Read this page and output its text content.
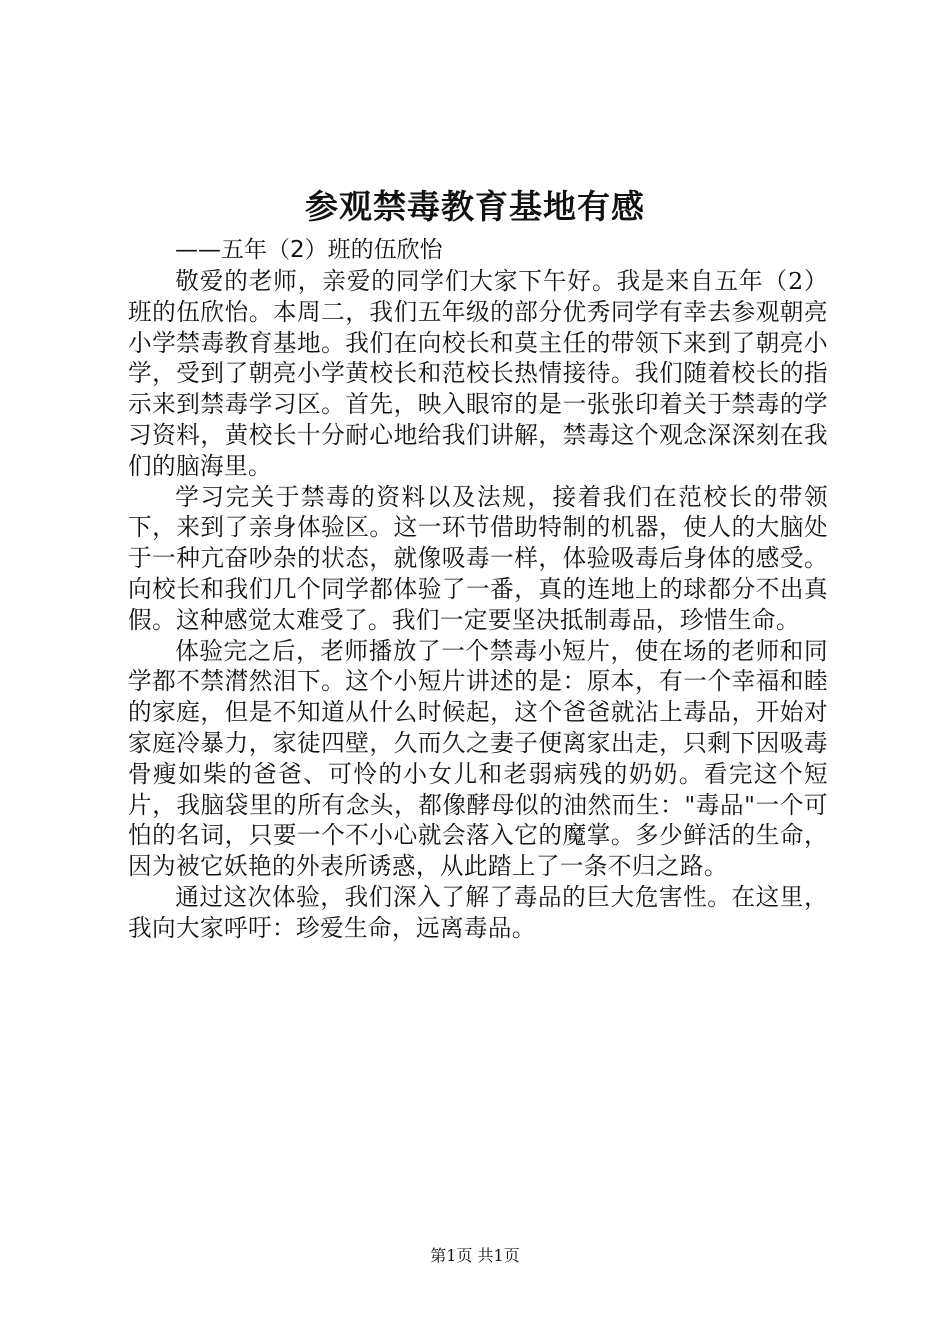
参观禁毒教育基地有感
——五年（2）班的伍欣怡

敬爱的老师，亲爱的同学们大家下午好。我是来自五年（2）班的伍欣怡。本周二，我们五年级的部分优秀同学有幸去参观朝亮小学禁毒教育基地。我们在向校长和莫主任的带领下来到了朝亮小学，受到了朝亮小学黄校长和范校长热情接待。我们随着校长的指示来到禁毒学习区。首先，映入眼帘的是一张张印着关于禁毒的学习资料，黄校长十分耐心地给我们讲解，禁毒这个观念深深刻在我们的脑海里。

学习完关于禁毒的资料以及法规，接着我们在范校长的带领下，来到了亲身体验区。这一环节借助特制的机器，使人的大脑处于一种亢奋吵杂的状态，就像吸毒一样，体验吸毒后身体的感受。向校长和我们几个同学都体验了一番，真的连地上的球都分不出真假。这种感觉太难受了。我们一定要坚决抵制毒品，珍惜生命。

体验完之后，老师播放了一个禁毒小短片，使在场的老师和同学都不禁潸然泪下。这个小短片讲述的是：原本，有一个幸福和睦的家庭，但是不知道从什么时候起，这个爸爸就沾上毒品，开始对家庭冷暴力，家徒四壁，久而久之妻子便离家出走，只剩下因吸毒骨瘦如柴的爸爸、可怜的小女儿和老弱病残的奶奶。看完这个短片，我脑袋里的所有念头，都像酵母似的油然而生："毒品"一个可怕的名词，只要一个不小心就会落入它的魔掌。多少鲜活的生命，因为被它妖艳的外表所诱惑，从此踏上了一条不归之路。

通过这次体验，我们深入了解了毒品的巨大危害性。在这里，我向大家呼吁：珍爱生命，远离毒品。

第1页 共1页
